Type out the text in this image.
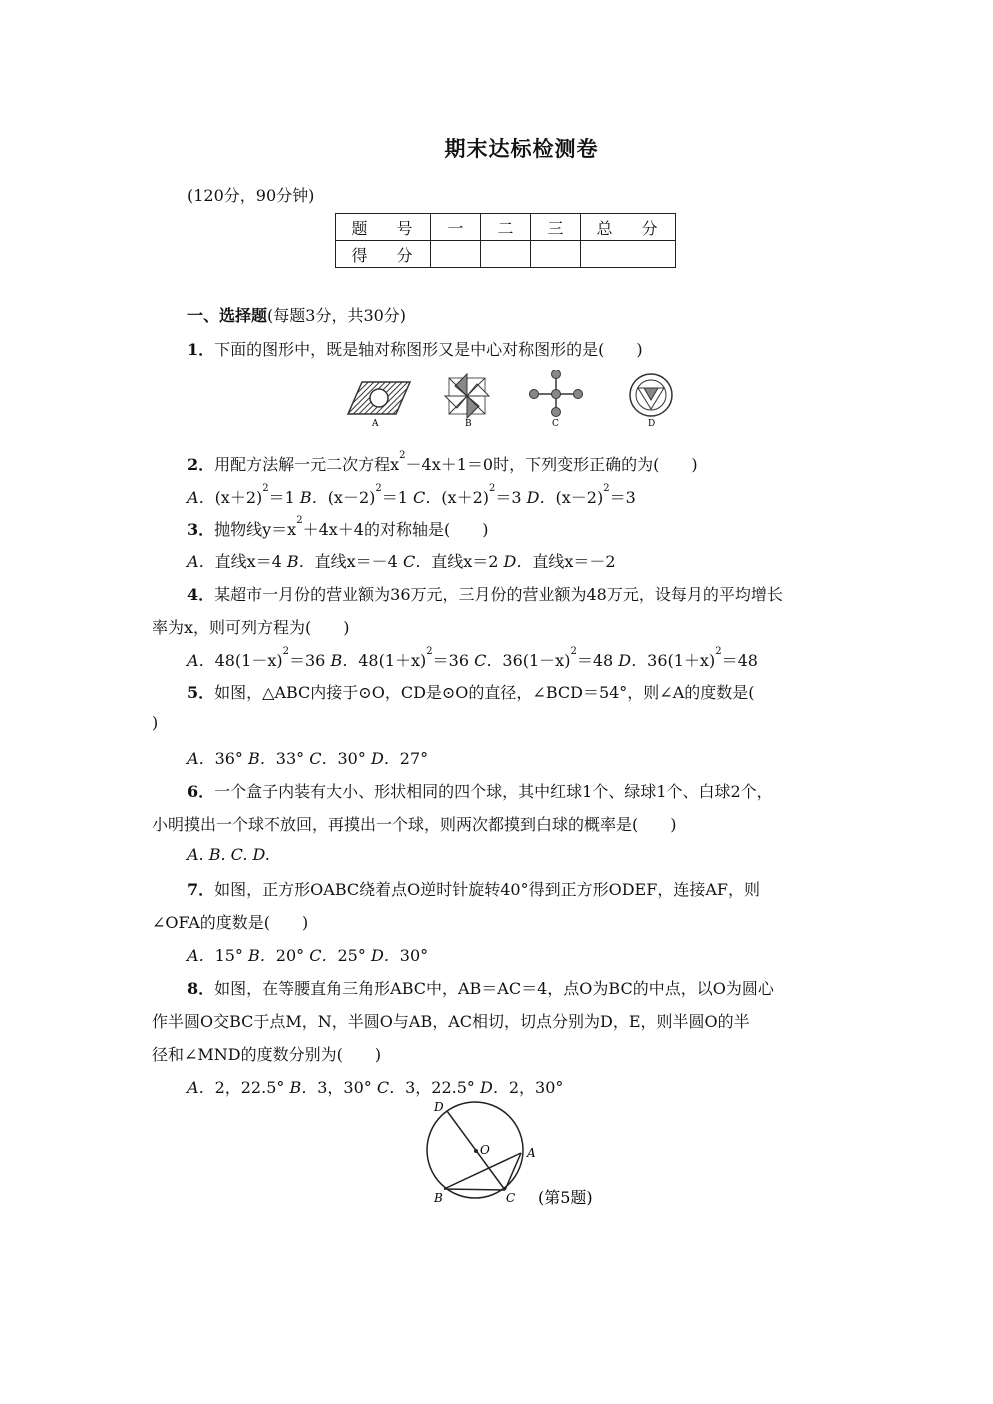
期末达标检测卷
(120分，90分钟)
题 号	一	二	三	总 分
得 分				
一、选择题(每题3分，共30分)
1．下面的图形中，既是轴对称图形又是中心对称图形的是(　　)
A	B	C	D
2．用配方法解一元二次方程$x^2-4x+1=0$时，下列变形正确的为(　　)
A．$(x+2)^2=1$ B．$(x-2)^2=1$ C．$(x+2)^2=3$ D．$(x-2)^2=3$
3．抛物线$y=x^2+4x+4$的对称轴是(　　)
A．直线x＝4 B．直线x＝－4 C．直线x＝2 D．直线x＝－2
4．某超市一月份的营业额为36万元，三月份的营业额为48万元，设每月的平均增长
率为x，则可列方程为(　　)
A．$48(1-x)^2=36$ B．$48(1+x)^2=36$ C．$36(1-x)^2=48$ D．$36(1+x)^2=48$
5．如图，△ABC内接于⊙O，CD是⊙O的直径，∠BCD＝54°，则∠A的度数是(
)
A．36° B．33° C．30° D．27°
6．一个盒子内装有大小、形状相同的四个球，其中红球1个、绿球1个、白球2个，
小明摸出一个球不放回，再摸出一个球，则两次都摸到白球的概率是(　　)
A. B. C. D.
7．如图，正方形OABC绕着点O逆时针旋转40°得到正方形ODEF，连接AF，则
∠OFA的度数是(　　)
A．15° B．20° C．25° D．30°
8．如图，在等腰直角三角形ABC中，AB＝AC＝4，点O为BC的中点，以O为圆心
作半圆O交BC于点M，N，半圆O与AB，AC相切，切点分别为D，E，则半圆O的半
径和∠MND的度数分别为(　　)
A．2，22.5° B．3，30° C．3，22.5° D．2，30°
D
O	A
B	C (第5题)
